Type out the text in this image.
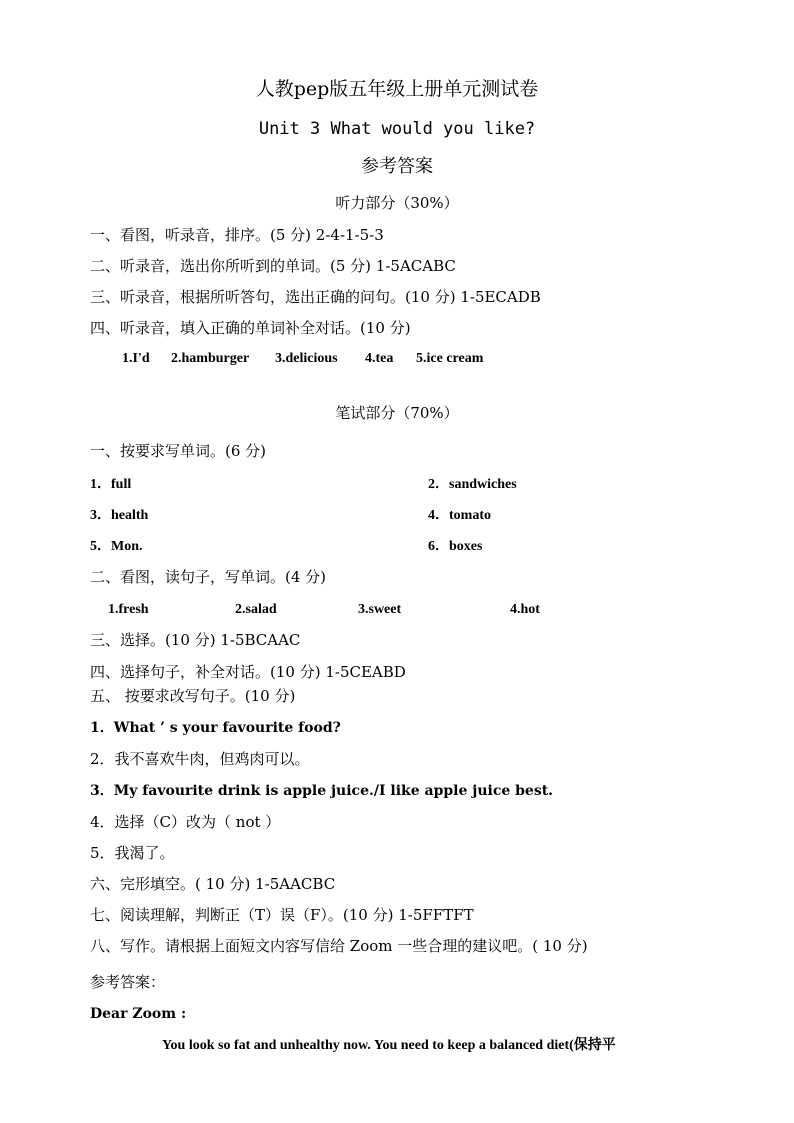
人教pep版五年级上册单元测试卷
Unit 3 What would you like?
参考答案
听力部分（30%）
一、看图，听录音，排序。(5 分) 2-4-1-5-3
二、听录音，选出你所听到的单词。(5 分) 1-5ACABC
三、听录音，根据所听答句，选出正确的问句。(10 分) 1-5ECADB
四、听录音，填入正确的单词补全对话。(10 分)
1.I'd 2.hamburger 3.delicious 4.tea 5.ice cream
笔试部分（70%）
一、按要求写单词。(6 分)
1．full	2．sandwiches
3．health	4．tomato
5．Mon.	6．boxes
二、看图，读句子，写单词。(4 分)
1.fresh	2.salad	3.sweet	4.hot
三、选择。(10 分) 1-5BCAAC
四、选择句子，补全对话。(10 分) 1-5CEABD
五、 按要求改写句子。(10 分)
1．What ’ s your favourite food?
2．我不喜欢牛肉，但鸡肉可以。
3．My favourite drink is apple juice./I like apple juice best.
4．选择（C）改为（ not ）
5．我渴了。
六、完形填空。( 10 分) 1-5AACBC
七、阅读理解，判断正（T）误（F）。(10 分) 1-5FFTFT
八、写作。请根据上面短文内容写信给 Zoom 一些合理的建议吧。( 10 分)
参考答案：
Dear Zoom :
You look so fat and unhealthy now. You need to keep a balanced diet(保持平
